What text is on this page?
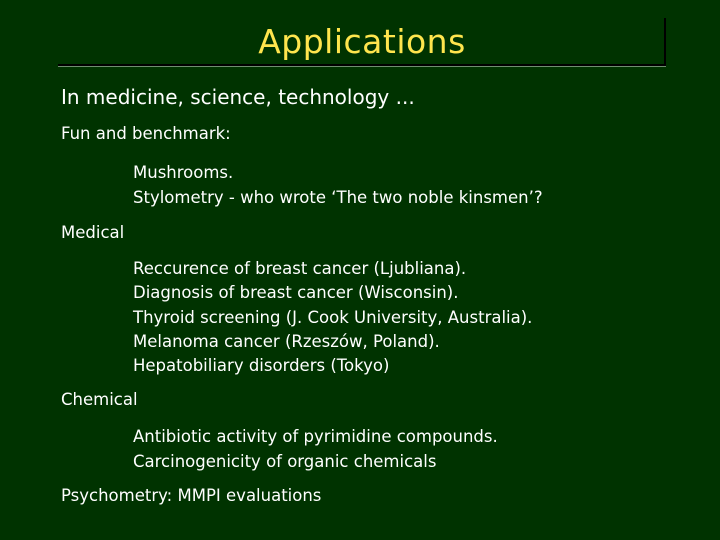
Applications
In medicine, science, technology ...
Fun and benchmark:
Mushrooms.
Stylometry - who wrote ‘The two noble kinsmen’?
Medical
Reccurence of breast cancer (Ljubliana).
Diagnosis of breast cancer (Wisconsin).
Thyroid screening (J. Cook University, Australia).
Melanoma cancer (Rzeszów, Poland).
Hepatobiliary disorders (Tokyo)
Chemical
Antibiotic activity of pyrimidine compounds.
Carcinogenicity of organic chemicals
Psychometry: MMPI evaluations
